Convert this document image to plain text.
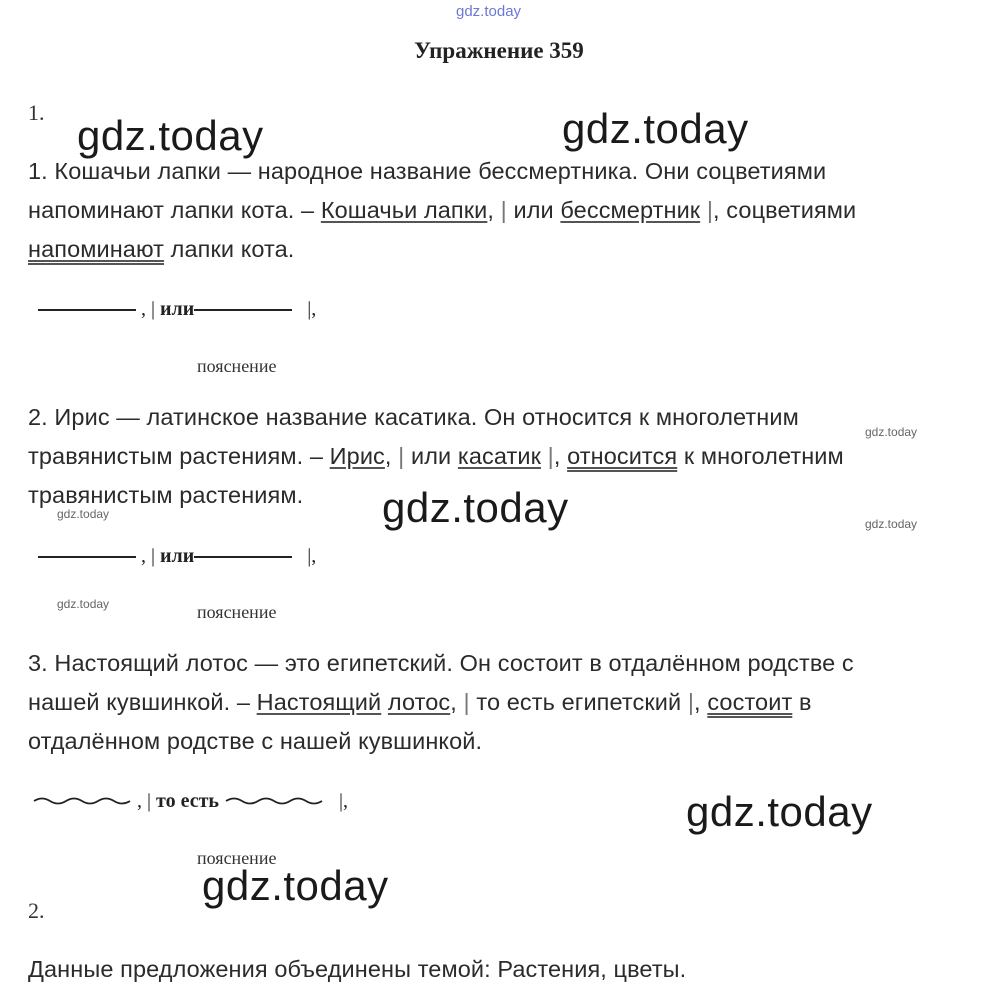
gdz.today
Упражнение 359
1. gdz.today	gdz.today
gdz.today
gdz.today
gdz.today
gdz.today
gdz.today
gdz.today
gdz.today
1. Кошачьи лапки — народное название бессмертника. Они соцветиями
напоминают лапки кота. – Кошачьи лапки, | или бессмертник |, соцветиями
напоминают лапки кота.
, | или	|,
пояснение
2. Ирис — латинское название касатика. Он относится к многолетним
травянистым растениям. – Ирис, | или касатик |, относится к многолетним
травянистым растениям.
, | или	|,
пояснение
3. Настоящий лотос — это египетский. Он состоит в отдалённом родстве с
нашей кувшинкой. – Настоящий лотос, | то есть египетский |, состоит в
отдалённом родстве с нашей кувшинкой.
, | то есть	|,
пояснение
2.
Данные предложения объединены темой: Растения, цветы.
